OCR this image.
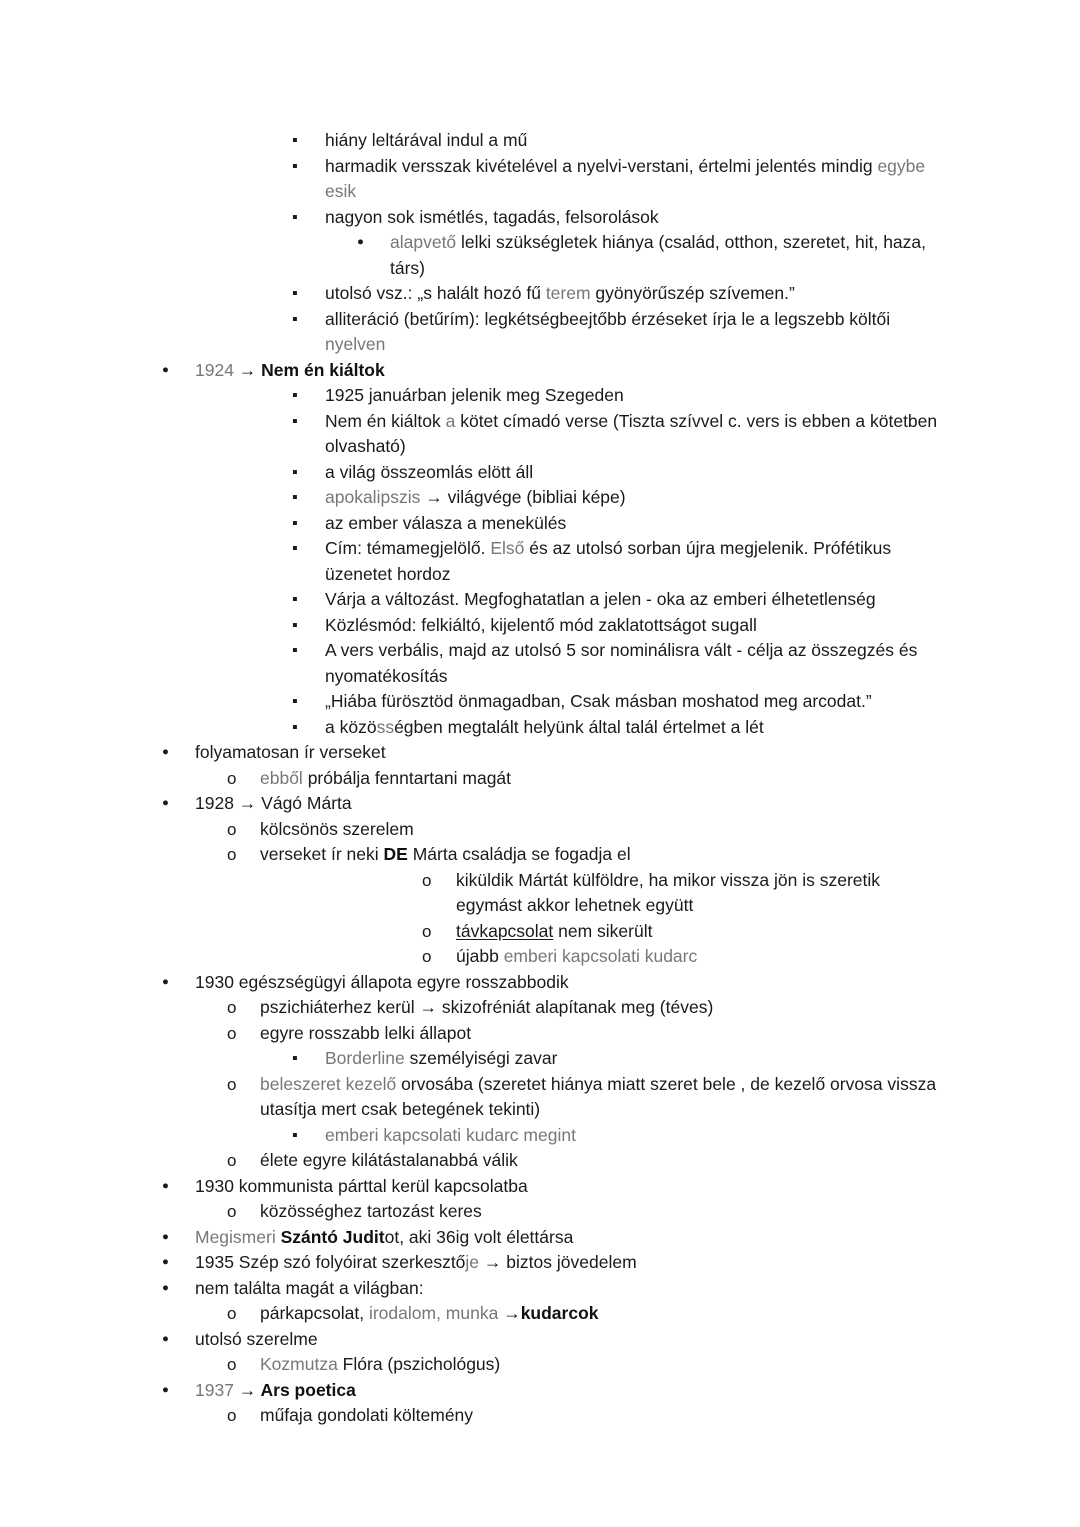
▪ hiány leltárával indul a mű
▪ harmadik versszak kivételével a nyelvi-verstani, értelmi jelentés mindig egybe esik
▪ nagyon sok ismétlés, tagadás, felsorolások
● alapvető lelki szükségletek hiánya (család, otthon, szeretet, hit, haza, társ)
▪ utolsó vsz.: „s halált hozó fű terem gyönyörűszép szívemen.”
▪ alliteráció (betűrím): legkétségbeejtőbb érzéseket írja le a legszebb költői nyelven
● 1924 → Nem én kiáltok
▪ 1925 januárban jelenik meg Szegeden
▪ Nem én kiáltok a kötet címadó verse (Tiszta szívvel c. vers is ebben a kötetben olvasható)
▪ a világ összeomlás elött áll
▪ apokalipszis → világvége (bibliai képe)
▪ az ember válasza a menekülés
▪ Cím: témamegjelölő. Első és az utolsó sorban újra megjelenik. Prófétikus üzenetet hordoz
▪ Várja a változást. Megfoghatatlan a jelen - oka az emberi élhetetlenség
▪ Közlésmód: felkiáltó, kijelentő mód zaklatottságot sugall
▪ A vers verbális, majd az utolsó 5 sor nominálisra vált - célja az összegzés és nyomatékosítás
▪ „Hiába fürösztöd önmagadban, Csak másban moshatod meg arcodat.”
▪ a közösségben megtalált helyünk által talál értelmet a lét
● folyamatosan ír verseket
o ebből próbálja fenntartani magát
● 1928 → Vágó Márta
o kölcsönös szerelem
o verseket ír neki DE Márta családja se fogadja el
o kiküldik Mártát külföldre, ha mikor vissza jön is szeretik egymást akkor lehetnek együtt
o távkapcsolat nem sikerült
o újabb emberi kapcsolati kudarc
● 1930 egészségügyi állapota egyre rosszabbodik
o pszichiáterhez kerül → skizofréniát alapítanak meg (téves)
o egyre rosszabb lelki állapot
▪ Borderline személyiségi zavar
o beleszeret kezelő orvosába (szeretet hiánya miatt szeret bele , de kezelő orvosa vissza utasítja mert csak betegének tekinti)
▪ emberi kapcsolati kudarc megint
o élete egyre kilátástalanabbá válik
● 1930 kommunista párttal kerül kapcsolatba
o közösséghez tartozást keres
● Megismeri Szántó Juditot, aki 36ig volt élettársa
● 1935 Szép szó folyóirat szerkesztője → biztos jövedelem
● nem találta magát a világban:
o párkapcsolat, irodalom, munka →kudarcok
● utolsó szerelme
o Kozmutza Flóra (pszichológus)
● 1937 → Ars poetica
o műfaja gondolati költemény
